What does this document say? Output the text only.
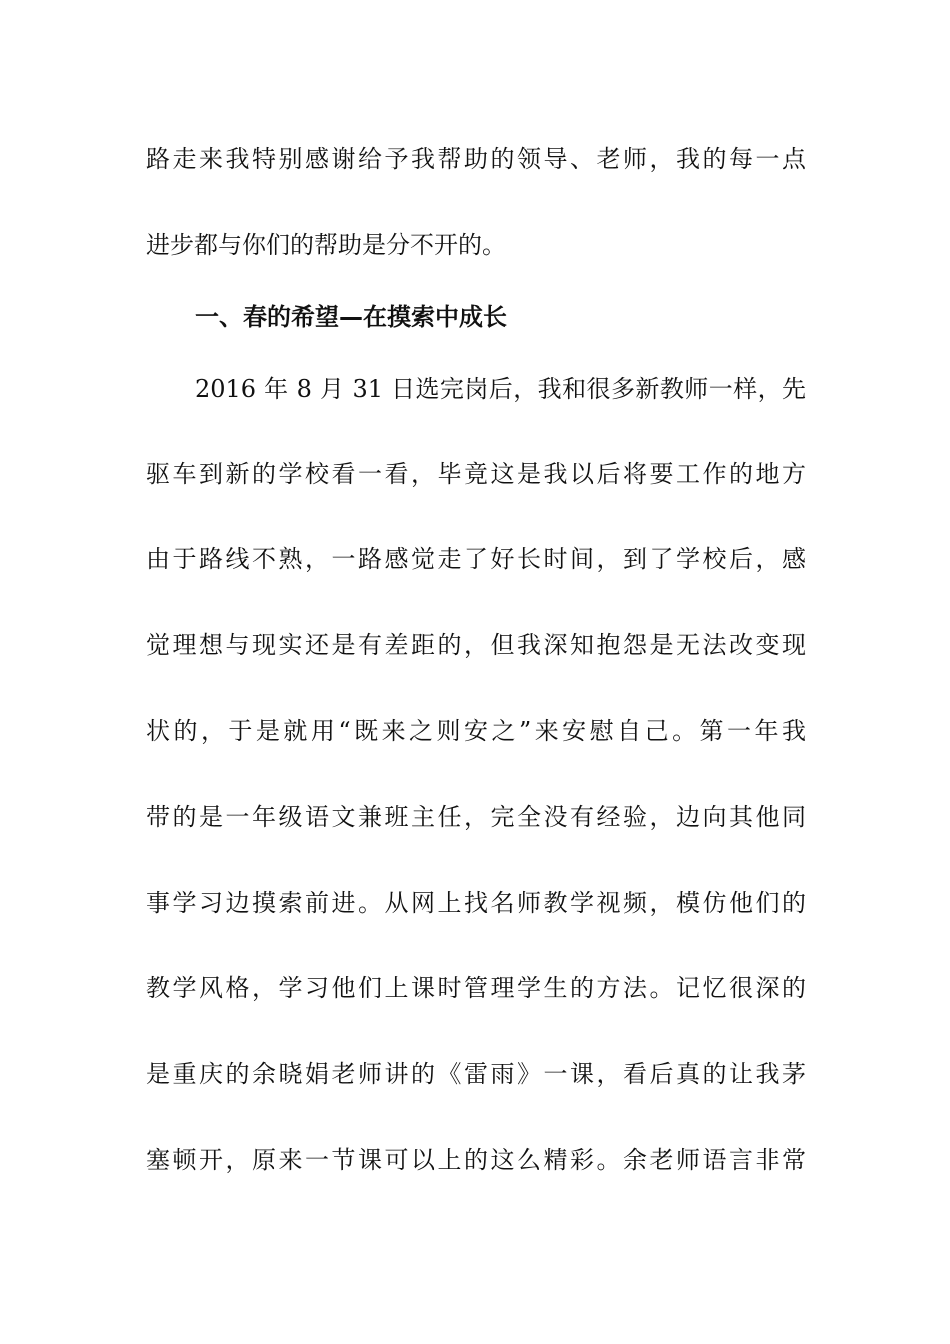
路走来我特别感谢给予我帮助的领导、老师，我的每一点
进步都与你们的帮助是分不开的。
一、春的希望—在摸索中成长
2016 年 8 月 31 日选完岗后，我和很多新教师一样，先
驱车到新的学校看一看，毕竟这是我以后将要工作的地方
由于路线不熟，一路感觉走了好长时间，到了学校后，感
觉理想与现实还是有差距的，但我深知抱怨是无法改变现
状的，于是就用“既来之则安之”来安慰自己。第一年我
带的是一年级语文兼班主任，完全没有经验，边向其他同
事学习边摸索前进。从网上找名师教学视频，模仿他们的
教学风格，学习他们上课时管理学生的方法。记忆很深的
是重庆的余晓娟老师讲的《雷雨》一课，看后真的让我茅
塞顿开，原来一节课可以上的这么精彩。余老师语言非常
